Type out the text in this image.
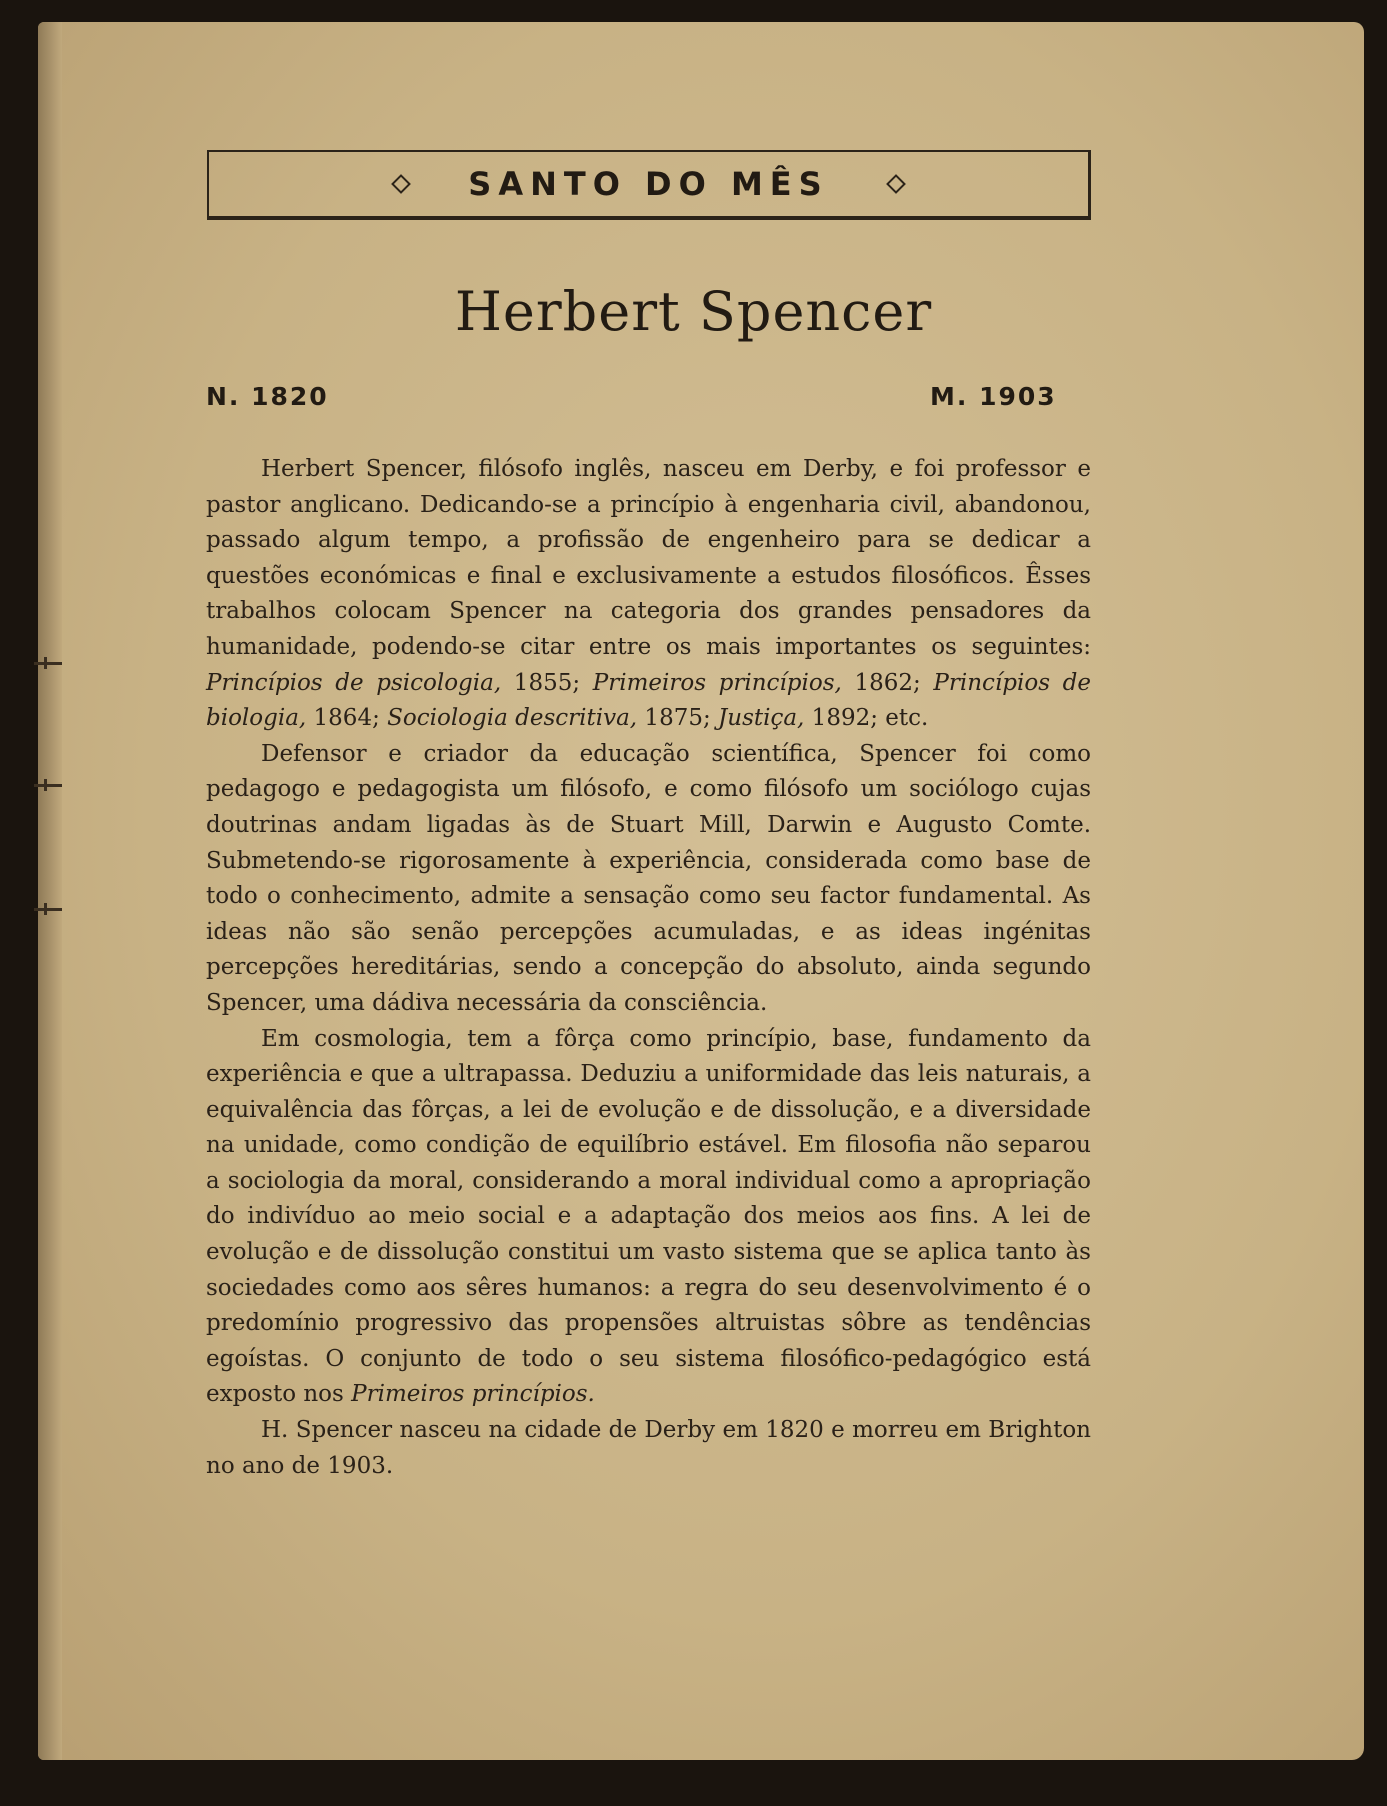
SANTO DO MÊS
Herbert Spencer
N. 1820	M. 1903

Herbert Spencer, filósofo inglês, nasceu em Derby, e foi professor e pastor anglicano. Dedicando-se a princípio à engenharia civil, abandonou, passado algum tempo, a profissão de engenheiro para se dedicar a questões económicas e final e exclusivamente a estudos filosóficos. Êsses trabalhos colocam Spencer na categoria dos grandes pensadores da humanidade, podendo-se citar entre os mais importantes os seguintes: Princípios de psicologia, 1855; Primeiros princípios, 1862; Princípios de biologia, 1864; Sociologia descritiva, 1875; Justiça, 1892; etc.

Defensor e criador da educação scientífica, Spencer foi como pedagogo e pedagogista um filósofo, e como filósofo um sociólogo cujas doutrinas andam ligadas às de Stuart Mill, Darwin e Augusto Comte. Submetendo-se rigorosamente à experiência, considerada como base de todo o conhecimento, admite a sensação como seu factor fundamental. As ideas não são senão percepções acumuladas, e as ideas ingénitas percepções hereditárias, sendo a concepção do absoluto, ainda segundo Spencer, uma dádiva necessária da consciência.

Em cosmologia, tem a fôrça como princípio, base, fundamento da experiência e que a ultrapassa. Deduziu a uniformidade das leis naturais, a equivalência das fôrças, a lei de evolução e de dissolução, e a diversidade na unidade, como condição de equilíbrio estável. Em filosofia não separou a sociologia da moral, considerando a moral individual como a apropriação do indivíduo ao meio social e a adaptação dos meios aos fins. A lei de evolução e de dissolução constitui um vasto sistema que se aplica tanto às sociedades como aos sêres humanos: a regra do seu desenvolvimento é o predomínio progressivo das propensões altruistas sôbre as tendências egoístas. O conjunto de todo o seu sistema filosófico-pedagógico está exposto nos Primeiros princípios.

H. Spencer nasceu na cidade de Derby em 1820 e morreu em Brighton no ano de 1903.
